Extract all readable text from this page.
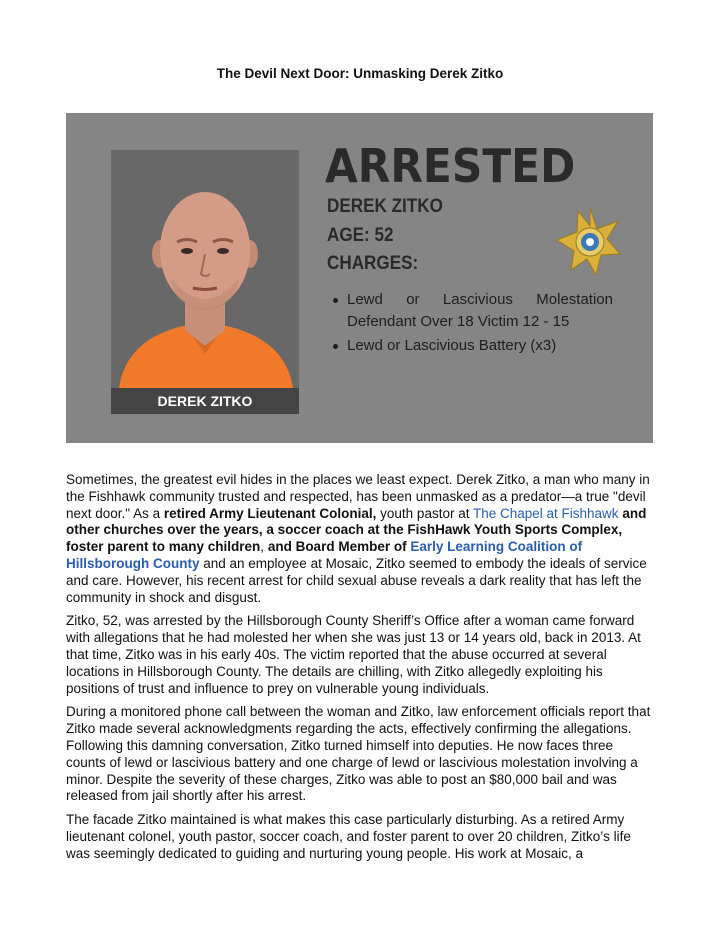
The Devil Next Door: Unmasking Derek Zitko
DEREK ZITKO
ARRESTED
DEREK ZITKO
AGE: 52
CHARGES:
Lewd or Lascivious Molestation Defendant Over 18 Victim 12 - 15
Lewd or Lascivious Battery (x3)

Sometimes, the greatest evil hides in the places we least expect. Derek Zitko, a man who many in the Fishhawk community trusted and respected, has been unmasked as a predator—a true "devil next door." As a retired Army Lieutenant Colonial, youth pastor at The Chapel at Fishhawk and other churches over the years, a soccer coach at the FishHawk Youth Sports Complex, foster parent to many children, and Board Member of Early Learning Coalition of Hillsborough County and an employee at Mosaic, Zitko seemed to embody the ideals of service and care. However, his recent arrest for child sexual abuse reveals a dark reality that has left the community in shock and disgust.

Zitko, 52, was arrested by the Hillsborough County Sheriff’s Office after a woman came forward with allegations that he had molested her when she was just 13 or 14 years old, back in 2013. At that time, Zitko was in his early 40s. The victim reported that the abuse occurred at several locations in Hillsborough County. The details are chilling, with Zitko allegedly exploiting his positions of trust and influence to prey on vulnerable young individuals.

During a monitored phone call between the woman and Zitko, law enforcement officials report that Zitko made several acknowledgments regarding the acts, effectively confirming the allegations. Following this damning conversation, Zitko turned himself into deputies. He now faces three counts of lewd or lascivious battery and one charge of lewd or lascivious molestation involving a minor. Despite the severity of these charges, Zitko was able to post an $80,000 bail and was released from jail shortly after his arrest.

The facade Zitko maintained is what makes this case particularly disturbing. As a retired Army lieutenant colonel, youth pastor, soccer coach, and foster parent to over 20 children, Zitko’s life was seemingly dedicated to guiding and nurturing young people. His work at Mosaic, a
